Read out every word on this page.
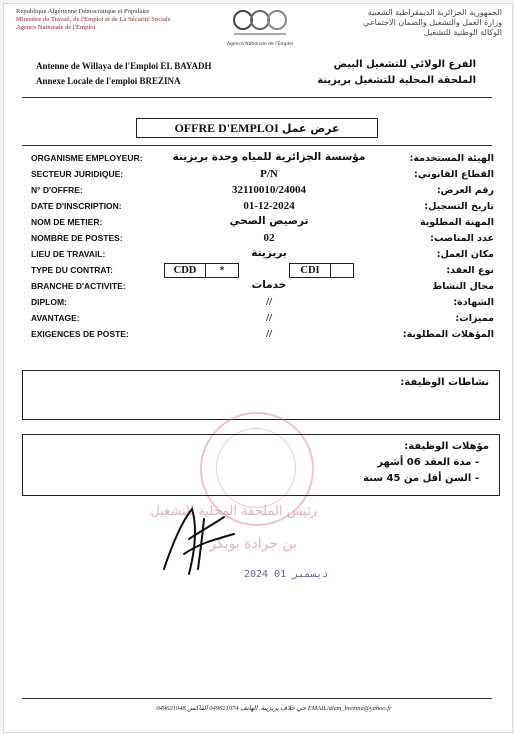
République Algérienne Démocratique et Populaire
Ministère du Travail, de l'Emploi et de La Sécurité Sociale
Agence Nationale de l'Emploi
Agence Nationale de l'Emploi
الجمهورية الجزائرية الديمقراطية الشعبية
وزارة العمل والتشغيل والضمان الاجتماعي
الوكالة الوطنية للتشغيل
Antenne de Willaya de l'Emploi EL BAYADH
Annexe Locale de l'emploi BREZINA
الفرع الولائي للتشغيل البيض
الملحقة المحلية للتشغيل بريزينة
OFFRE D'EMPLOI عرض عمل
ORGANISME EMPLOYEUR:	الهيئة المستخدمة:
مؤسسة الجزائرية للمياه وحدة بريزينة
SECTEUR JURIDIQUE:	القطاع القانوني:
P/N
N° D'OFFRE:	رقم العرض:
32110010/24004
DATE D'INSCRIPTION:	تاريخ التسجيل:
01-12-2024
NOM DE METIER:	المهنة المطلوبة
ترصيص الصحي
NOMBRE DE POSTES:	عدد المناصب:
02
LIEU DE TRAVAIL:	مكان العمل:
بريزينة
TYPE DU CONTRAT:	نوع العقد:
CDD	*	CDI
BRANCHE D'ACTIVITE:	مجال النشاط
خدمات
DIPLOM:	الشهادة:
//
AVANTAGE:	مميزات:
//
EXIGENCES DE POSTE:	المؤهلات المطلوبة:
//
نشاطات الوظيفة:
مؤهلات الوظيفة:
- مدة العقد 06 أشهر
- السن أقل من 45 سنة
رئيس الملحقة المحلية للتشغيل
بن جرادة بوبكر
2024 ديسمبر 01
حي خلاف بريزينة. الهاتف 049621074 الفاكس 049621048 EMAIL/alem_brezina@yahoo.fr
